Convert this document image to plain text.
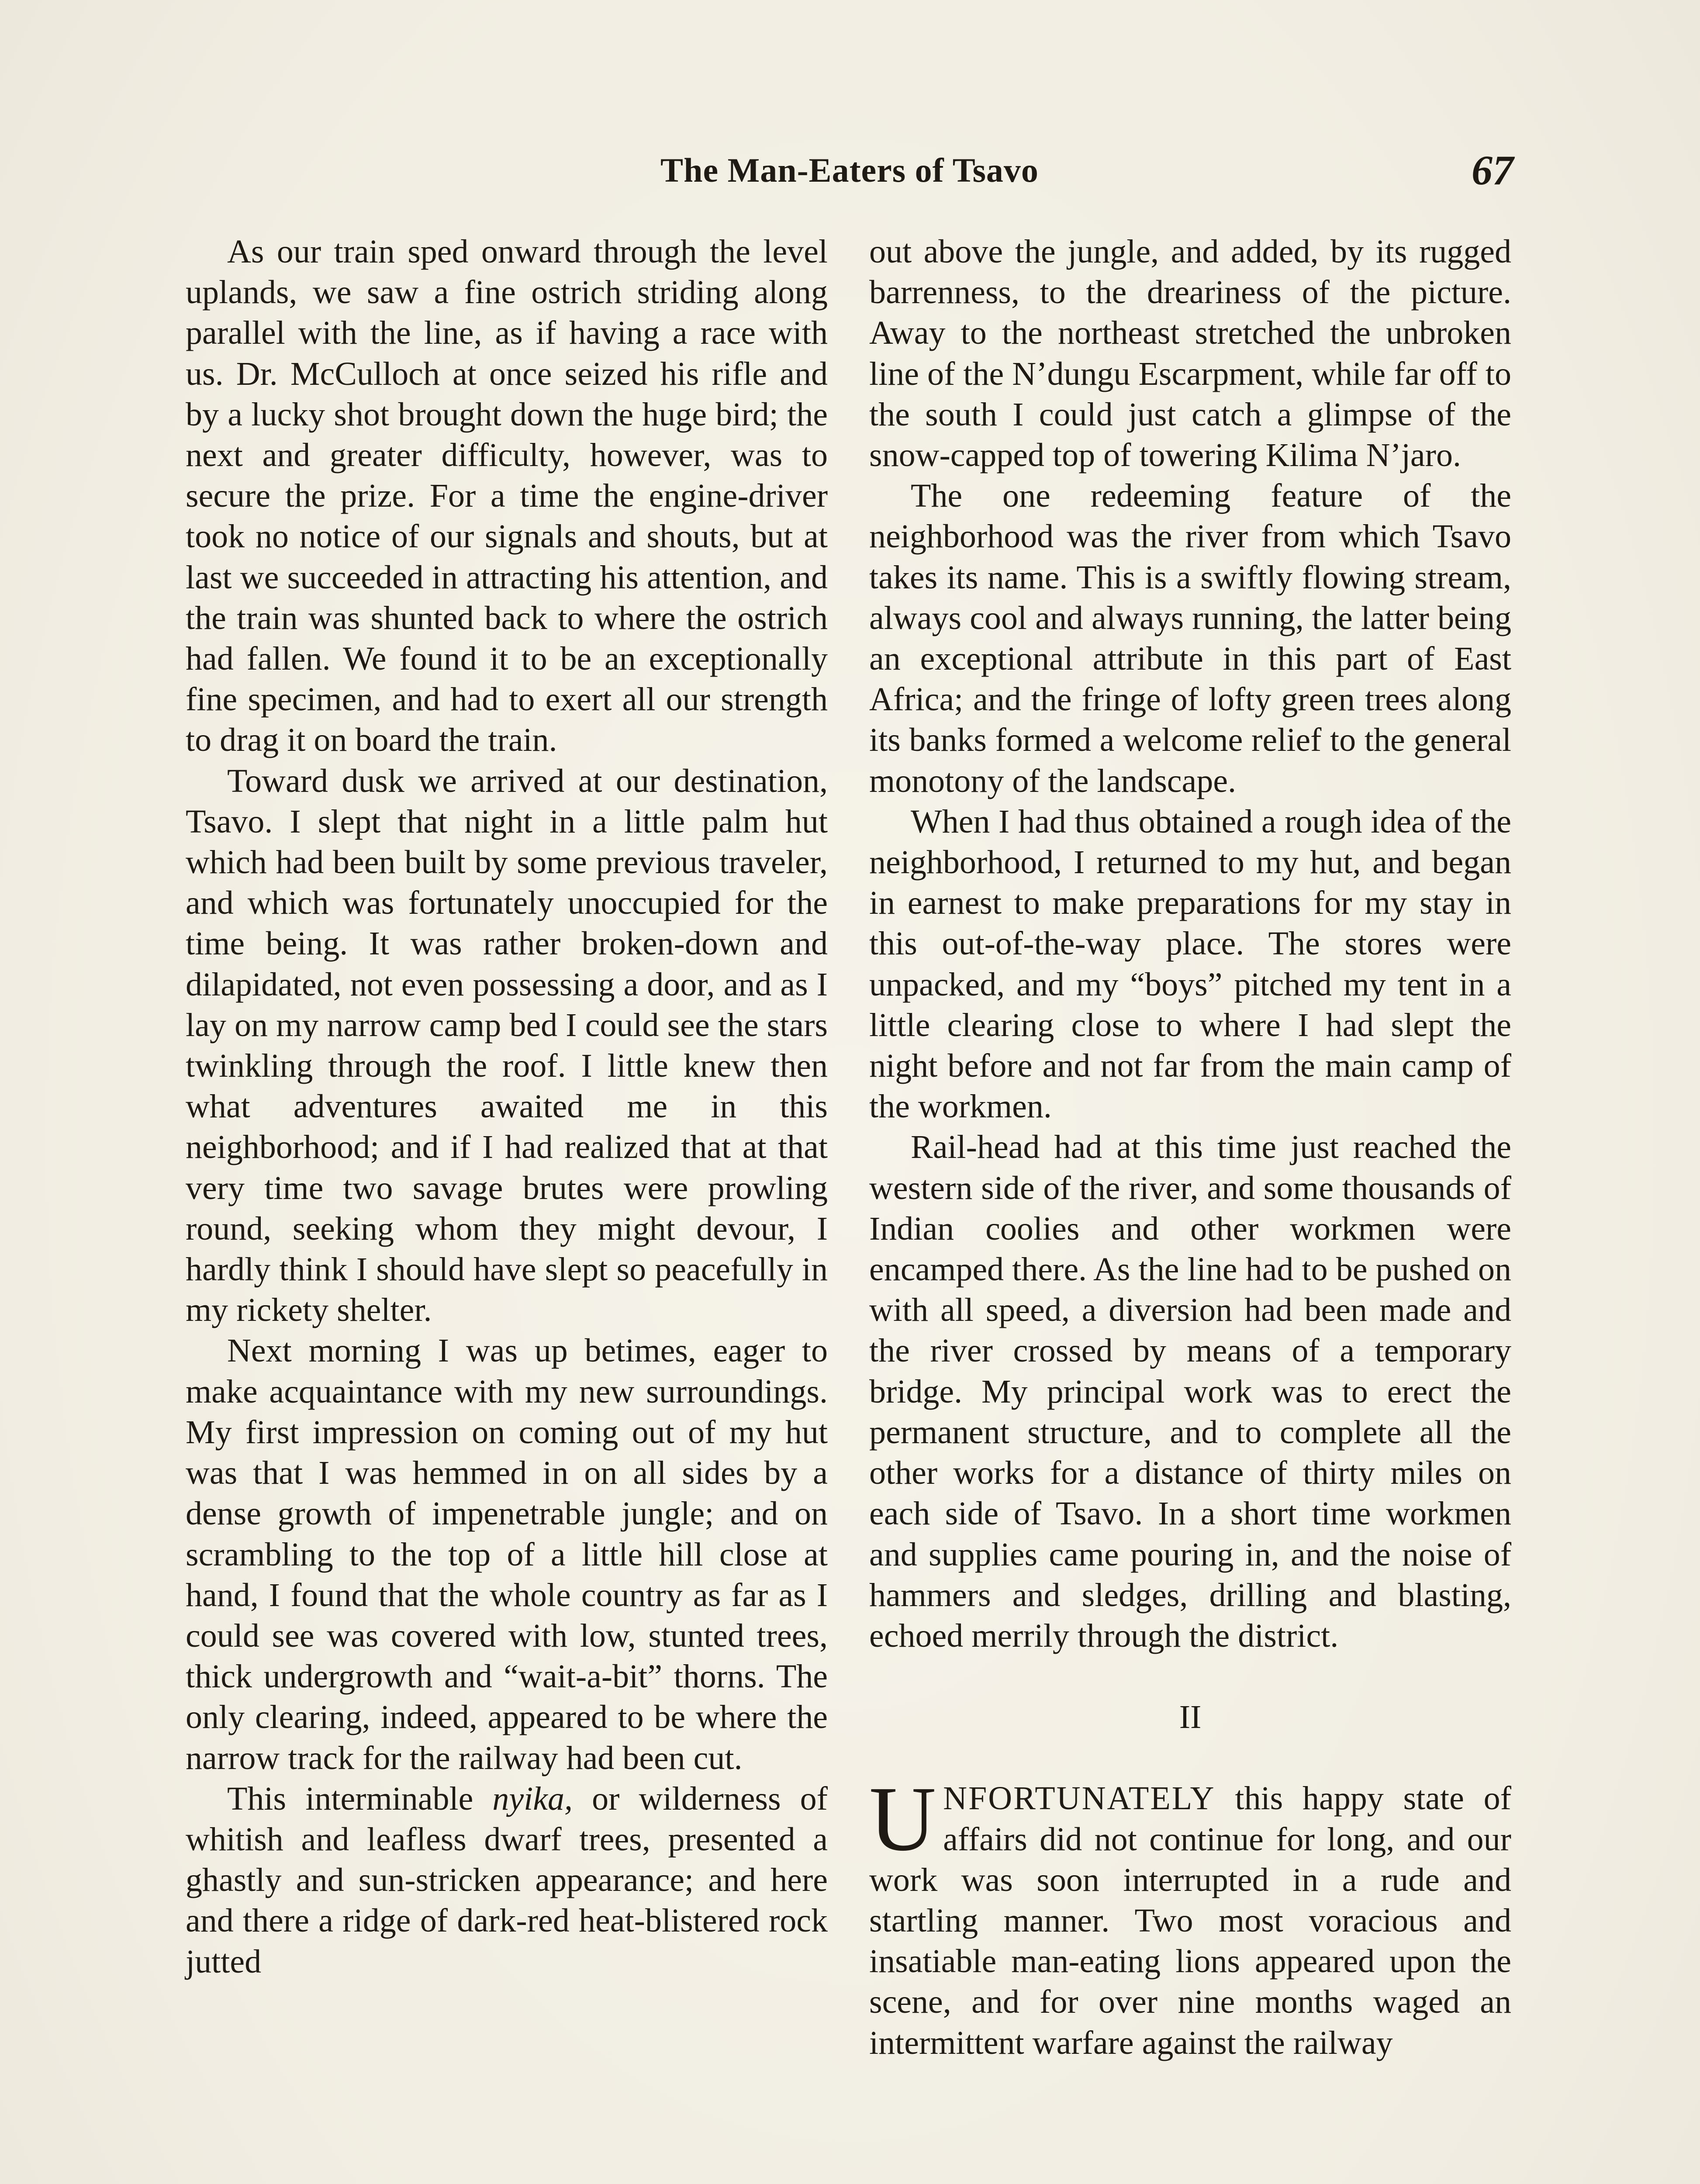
The Man-Eaters of Tsavo	67

As our train sped onward through the level uplands, we saw a fine ostrich striding along parallel with the line, as if having a race with us. Dr. McCulloch at once seized his rifle and by a lucky shot brought down the huge bird; the next and greater difficulty, however, was to secure the prize. For a time the engine-driver took no notice of our signals and shouts, but at last we succeeded in attracting his attention, and the train was shunted back to where the ostrich had fallen. We found it to be an exceptionally fine specimen, and had to exert all our strength to drag it on board the train.

Toward dusk we arrived at our destination, Tsavo. I slept that night in a little palm hut which had been built by some previous traveler, and which was fortunately unoccupied for the time being. It was rather broken-down and dilapidated, not even possessing a door, and as I lay on my narrow camp bed I could see the stars twinkling through the roof. I little knew then what adventures awaited me in this neighborhood; and if I had realized that at that very time two savage brutes were prowling round, seeking whom they might devour, I hardly think I should have slept so peacefully in my rickety shelter.

Next morning I was up betimes, eager to make acquaintance with my new surroundings. My first impression on coming out of my hut was that I was hemmed in on all sides by a dense growth of impenetrable jungle; and on scrambling to the top of a little hill close at hand, I found that the whole country as far as I could see was covered with low, stunted trees, thick undergrowth and “wait-a-bit” thorns. The only clearing, indeed, appeared to be where the narrow track for the railway had been cut.

This interminable nyika, or wilderness of whitish and leafless dwarf trees, presented a ghastly and sun-stricken appearance; and here and there a ridge of dark-red heat-blistered rock jutted

out above the jungle, and added, by its rugged barrenness, to the dreariness of the picture. Away to the northeast stretched the unbroken line of the N’dungu Escarpment, while far off to the south I could just catch a glimpse of the snow-capped top of towering Kilima N’jaro.

The one redeeming feature of the neighborhood was the river from which Tsavo takes its name. This is a swiftly flowing stream, always cool and always running, the latter being an exceptional attribute in this part of East Africa; and the fringe of lofty green trees along its banks formed a welcome relief to the general monotony of the landscape.

When I had thus obtained a rough idea of the neighborhood, I returned to my hut, and began in earnest to make preparations for my stay in this out-of-the-way place. The stores were unpacked, and my “boys” pitched my tent in a little clearing close to where I had slept the night before and not far from the main camp of the workmen.

Rail-head had at this time just reached the western side of the river, and some thousands of Indian coolies and other workmen were encamped there. As the line had to be pushed on with all speed, a diversion had been made and the river crossed by means of a temporary bridge. My principal work was to erect the permanent structure, and to complete all the other works for a distance of thirty miles on each side of Tsavo. In a short time workmen and supplies came pouring in, and the noise of hammers and sledges, drilling and blasting, echoed merrily through the district.

II

UNFORTUNATELY this happy state of affairs did not continue for long, and our work was soon interrupted in a rude and startling manner. Two most voracious and insatiable man-eating lions appeared upon the scene, and for over nine months waged an intermittent warfare against the railway
